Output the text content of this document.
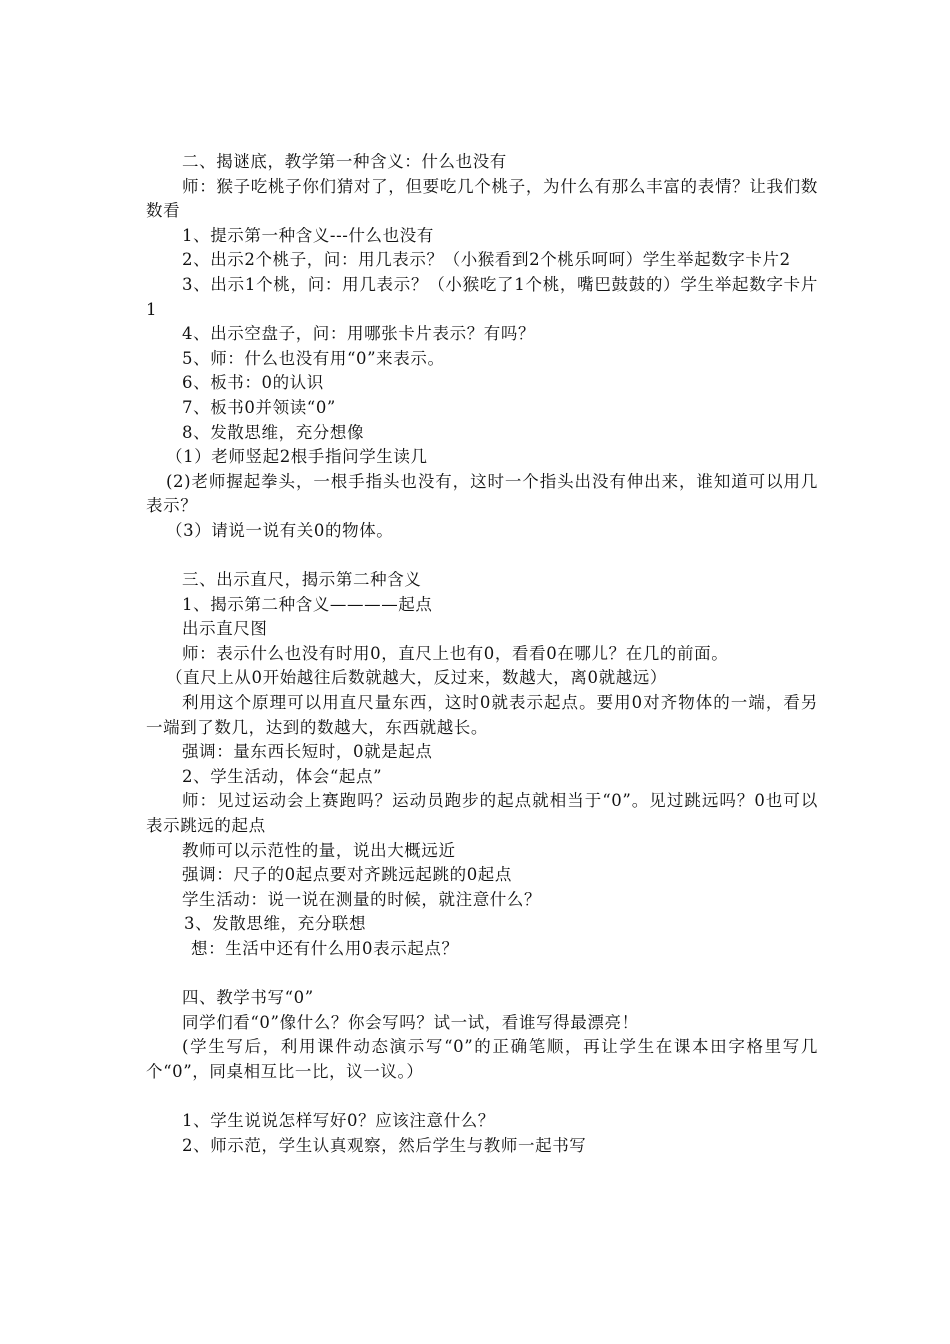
二、揭谜底，教学第一种含义：什么也没有

师：猴子吃桃子你们猜对了，但要吃几个桃子，为什么有那么丰富的表情？让我们数数看

1、提示第一种含义---什么也没有

2、出示2个桃子，问：用几表示？（小猴看到2个桃乐呵呵）学生举起数字卡片2

3、出示1个桃，问：用几表示？（小猴吃了1个桃，嘴巴鼓鼓的）学生举起数字卡片1

4、出示空盘子，问：用哪张卡片表示？有吗？

5、师：什么也没有用“0”来表示。

6、板书：0的认识

7、板书0并领读“0”

8、发散思维，充分想像

（1）老师竖起2根手指问学生读几

(2)老师握起拳头，一根手指头也没有，这时一个指头出没有伸出来，谁知道可以用几表示？

（3）请说一说有关0的物体。

三、出示直尺，揭示第二种含义

1、揭示第二种含义————起点

出示直尺图

师：表示什么也没有时用0，直尺上也有0，看看0在哪儿？在几的前面。

（直尺上从0开始越往后数就越大，反过来，数越大，离0就越远）

利用这个原理可以用直尺量东西，这时0就表示起点。要用0对齐物体的一端，看另一端到了数几，达到的数越大，东西就越长。

强调：量东西长短时，0就是起点

2、学生活动，体会“起点”

师：见过运动会上赛跑吗？运动员跑步的起点就相当于“0”。见过跳远吗？0也可以表示跳远的起点

教师可以示范性的量，说出大概远近

强调：尺子的0起点要对齐跳远起跳的0起点

学生活动：说一说在测量的时候，就注意什么？

3、发散思维，充分联想

想：生活中还有什么用0表示起点？

四、教学书写“0”

同学们看“0”像什么？你会写吗？试一试，看谁写得最漂亮！

(学生写后，利用课件动态演示写“0”的正确笔顺，再让学生在课本田字格里写几个“0”，同桌相互比一比，议一议。）

1、学生说说怎样写好0？应该注意什么？

2、师示范，学生认真观察，然后学生与教师一起书写
